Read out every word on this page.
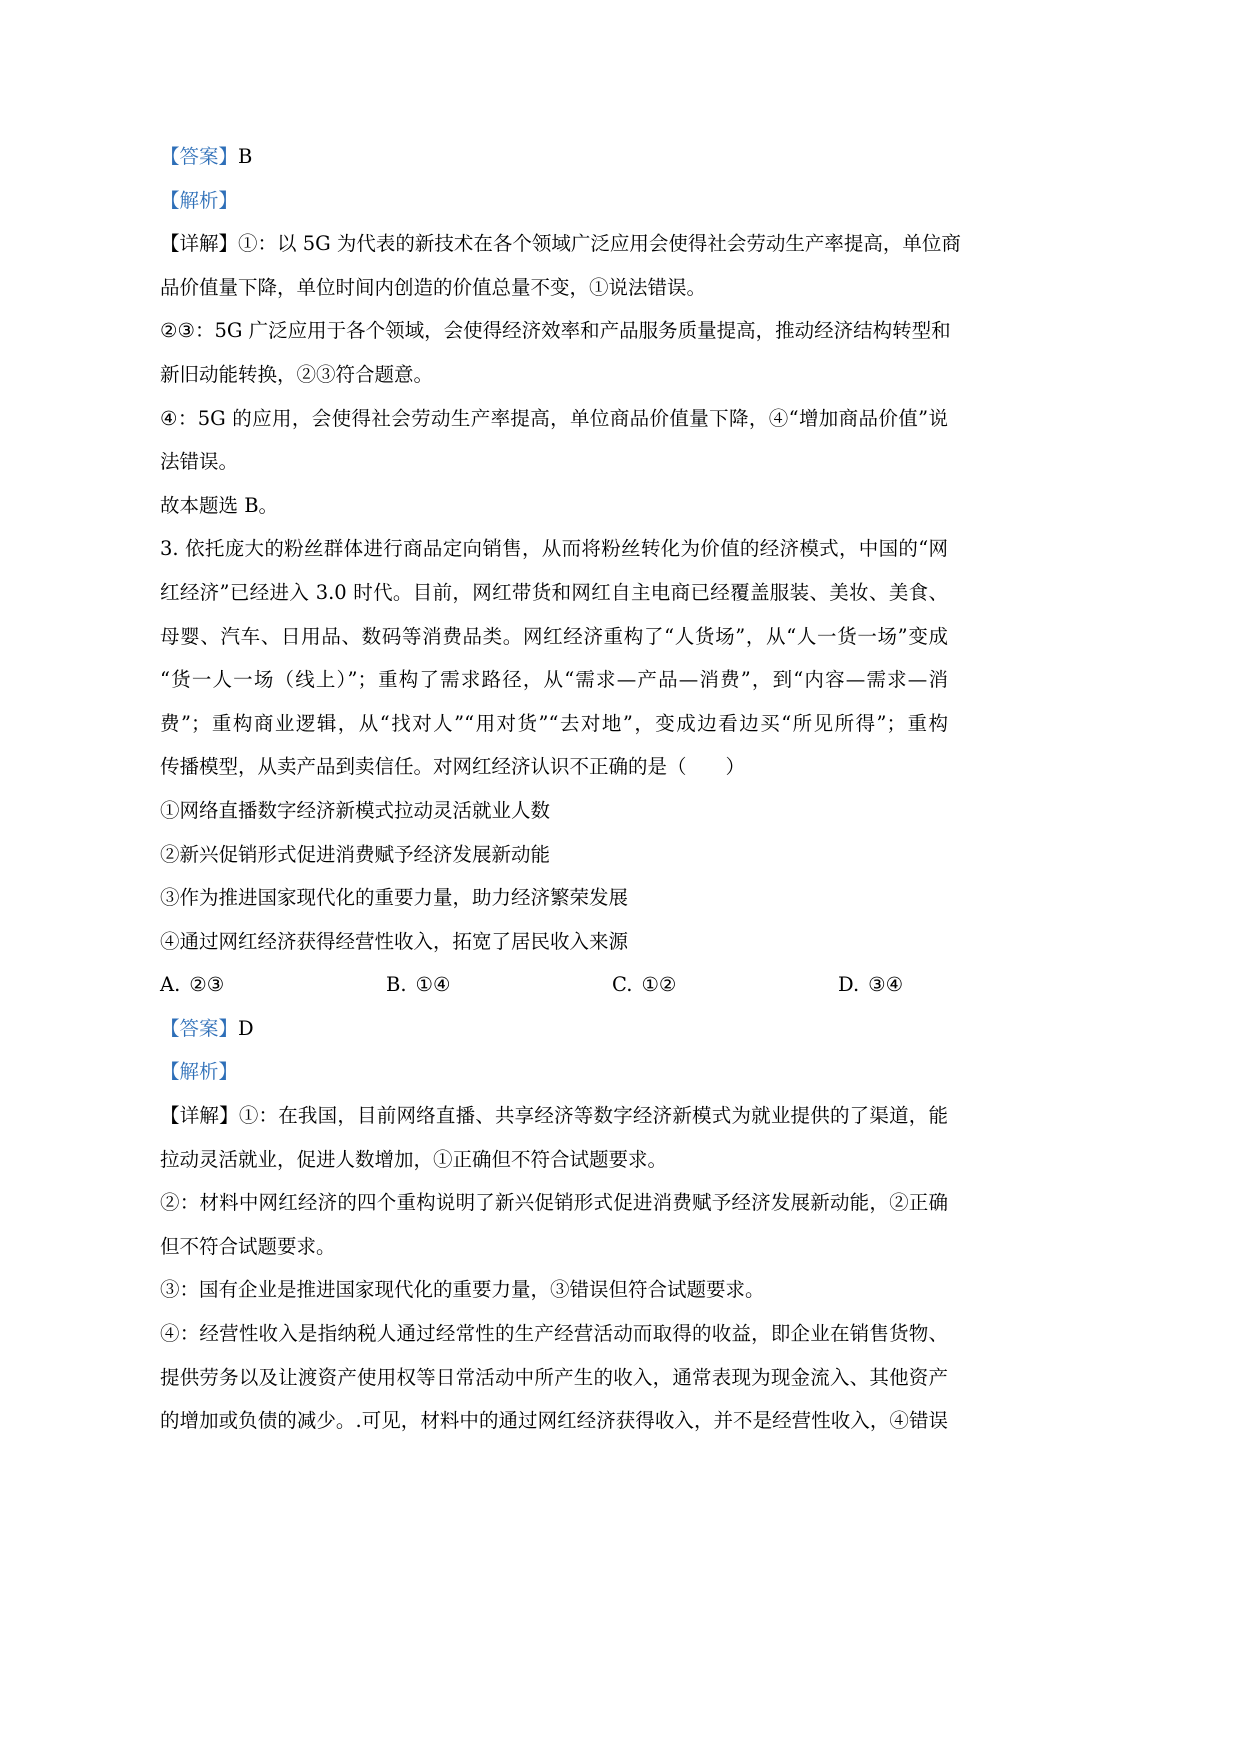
【答案】B
【解析】
【详解】①：以 5G 为代表的新技术在各个领域广泛应用会使得社会劳动生产率提高，单位商
品价值量下降，单位时间内创造的价值总量不变，①说法错误。
②③：5G 广泛应用于各个领域，会使得经济效率和产品服务质量提高，推动经济结构转型和
新旧动能转换，②③符合题意。
④：5G 的应用，会使得社会劳动生产率提高，单位商品价值量下降，④“增加商品价值”说
法错误。
故本题选 B。
3. 依托庞大的粉丝群体进行商品定向销售，从而将粉丝转化为价值的经济模式，中国的“网
红经济”已经进入 3.0 时代。目前，网红带货和网红自主电商已经覆盖服装、美妆、美食、
母婴、汽车、日用品、数码等消费品类。网红经济重构了“人货场”，从“人一货一场”变成
“货一人一场（线上）”；重构了需求路径，从“需求—产品—消费”，到“内容—需求—消
费”；重构商业逻辑，从“找对人”“用对货”“去对地”，变成边看边买“所见所得”；重构
传播模型，从卖产品到卖信任。对网红经济认识不正确的是（　　）
①网络直播数字经济新模式拉动灵活就业人数
②新兴促销形式促进消费赋予经济发展新动能
③作为推进国家现代化的重要力量，助力经济繁荣发展
④通过网红经济获得经营性收入，拓宽了居民收入来源
A. ②③	B. ①④	C. ①②	D. ③④
【答案】D
【解析】
【详解】①：在我国，目前网络直播、共享经济等数字经济新模式为就业提供的了渠道，能
拉动灵活就业，促进人数增加，①正确但不符合试题要求。
②：材料中网红经济的四个重构说明了新兴促销形式促进消费赋予经济发展新动能，②正确
但不符合试题要求。
③：国有企业是推进国家现代化的重要力量，③错误但符合试题要求。
④：经营性收入是指纳税人通过经常性的生产经营活动而取得的收益，即企业在销售货物、
提供劳务以及让渡资产使用权等日常活动中所产生的收入，通常表现为现金流入、其他资产
的增加或负债的减少。.可见，材料中的通过网红经济获得收入，并不是经营性收入，④错误
